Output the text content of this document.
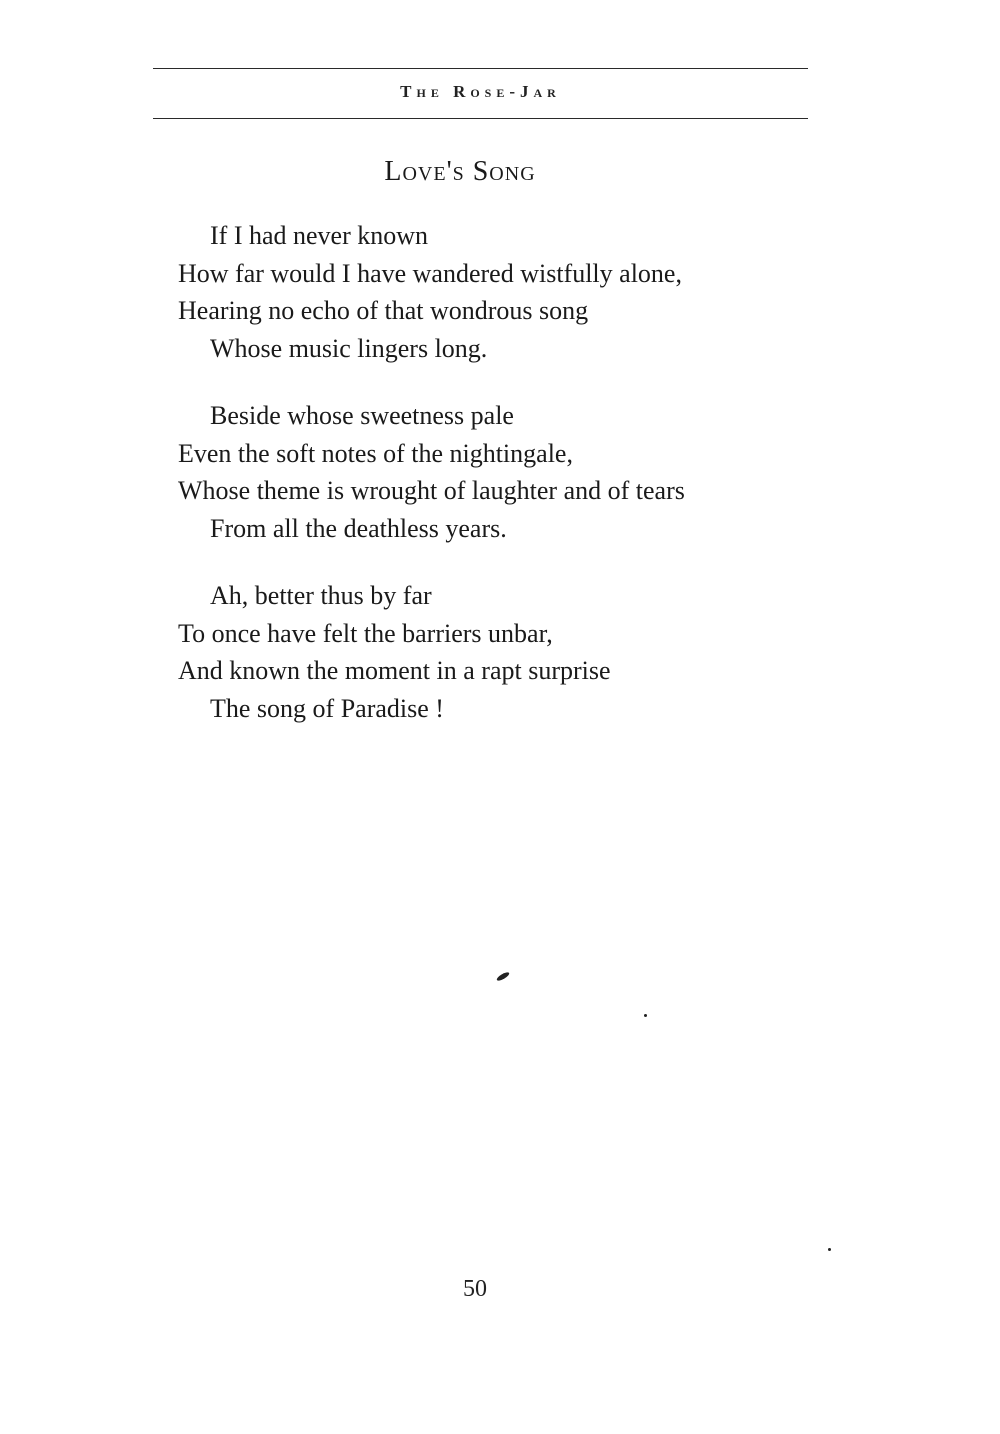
The Rose-Jar
Love's Song
If I had never known
How far would I have wandered wistfully alone,
Hearing no echo of that wondrous song
Whose music lingers long.
Beside whose sweetness pale
Even the soft notes of the nightingale,
Whose theme is wrought of laughter and of tears
From all the deathless years.
Ah, better thus by far
To once have felt the barriers unbar,
And known the moment in a rapt surprise
The song of Paradise !
50
